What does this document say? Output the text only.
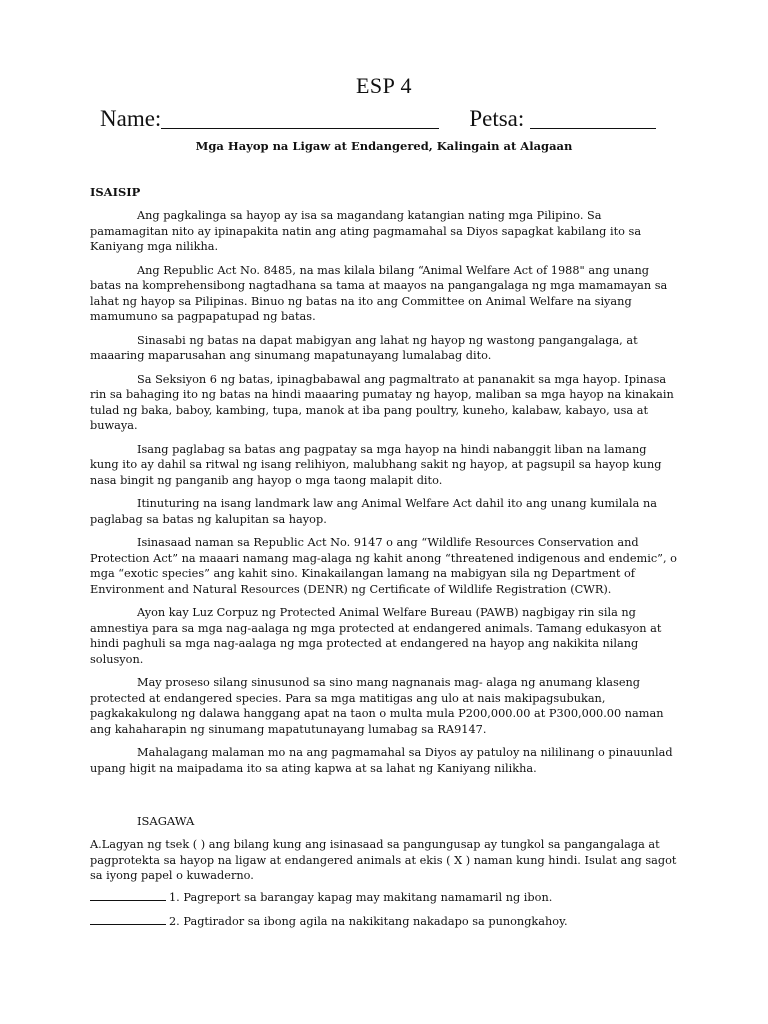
ESP 4
Name:	Petsa:
Mga Hayop na Ligaw at Endangered, Kalingain at Alagaan
ISAISIP

Ang pagkalinga sa hayop ay isa sa magandang katangian nating mga Pilipino. Sa pamamagitan nito ay ipinapakita natin ang ating pagmamahal sa Diyos sapagkat kabilang ito sa Kaniyang mga nilikha.

Ang Republic Act No. 8485, na mas kilala bilang “Animal Welfare Act of 1988" ang unang batas na komprehensibong nagtadhana sa tama at maayos na pangangalaga ng mga mamamayan sa lahat ng hayop sa Pilipinas. Binuo ng batas na ito ang Committee on Animal Welfare na siyang mamumuno sa pagpapatupad ng batas.

Sinasabi ng batas na dapat mabigyan ang lahat ng hayop ng wastong pangangalaga, at maaaring maparusahan ang sinumang mapatunayang lumalabag dito.

Sa Seksiyon 6 ng batas, ipinagbabawal ang pagmaltrato at pananakit sa mga hayop. Ipinasa rin sa bahaging ito ng batas na hindi maaaring pumatay ng hayop, maliban sa mga hayop na kinakain tulad ng baka, baboy, kambing, tupa, manok at iba pang poultry, kuneho, kalabaw, kabayo, usa at buwaya.

Isang paglabag sa batas ang pagpatay sa mga hayop na hindi nabanggit liban na lamang kung ito ay dahil sa ritwal ng isang relihiyon, malubhang sakit ng hayop, at pagsupil sa hayop kung nasa bingit ng panganib ang hayop o mga taong malapit dito.

Itinuturing na isang landmark law ang Animal Welfare Act dahil ito ang unang kumilala na paglabag sa batas ng kalupitan sa hayop.

Isinasaad naman sa Republic Act No. 9147 o ang “Wildlife Resources Conservation and Protection Act” na maaari namang mag-alaga ng kahit anong “threatened indigenous and endemic”, o mga “exotic species” ang kahit sino. Kinakailangan lamang na mabigyan sila ng Department of Environment and Natural Resources (DENR) ng Certificate of Wildlife Registration (CWR).

Ayon kay Luz Corpuz ng Protected Animal Welfare Bureau (PAWB) nagbigay rin sila ng amnestiya para sa mga nag-aalaga ng mga protected at endangered animals. Tamang edukasyon at hindi paghuli sa mga nag-aalaga ng mga protected at endangered na hayop ang nakikita nilang solusyon.

May proseso silang sinusunod sa sino mang nagnanais mag- alaga ng anumang klaseng protected at endangered species. Para sa mga matitigas ang ulo at nais makipagsubukan, pagkakakulong ng dalawa hanggang apat na taon o multa mula P200,000.00 at P300,000.00 naman ang kahaharapin ng sinumang mapatutunayang lumabag sa RA9147.

Mahalagang malaman mo na ang pagmamahal sa Diyos ay patuloy na nililinang o pinauunlad upang higit na maipadama ito sa ating kapwa at sa lahat ng Kaniyang nilikha.

ISAGAWA

A.Lagyan ng tsek ( ) ang bilang kung ang isinasaad sa pangungusap ay tungkol sa pangangalaga at pagprotekta sa hayop na ligaw at endangered animals at ekis ( X ) naman kung hindi. Isulat ang sagot sa iyong papel o kuwaderno.

1. Pagreport sa barangay kapag may makitang namamaril ng ibon.
2. Pagtirador sa ibong agila na nakikitang nakadapo sa punongkahoy.
